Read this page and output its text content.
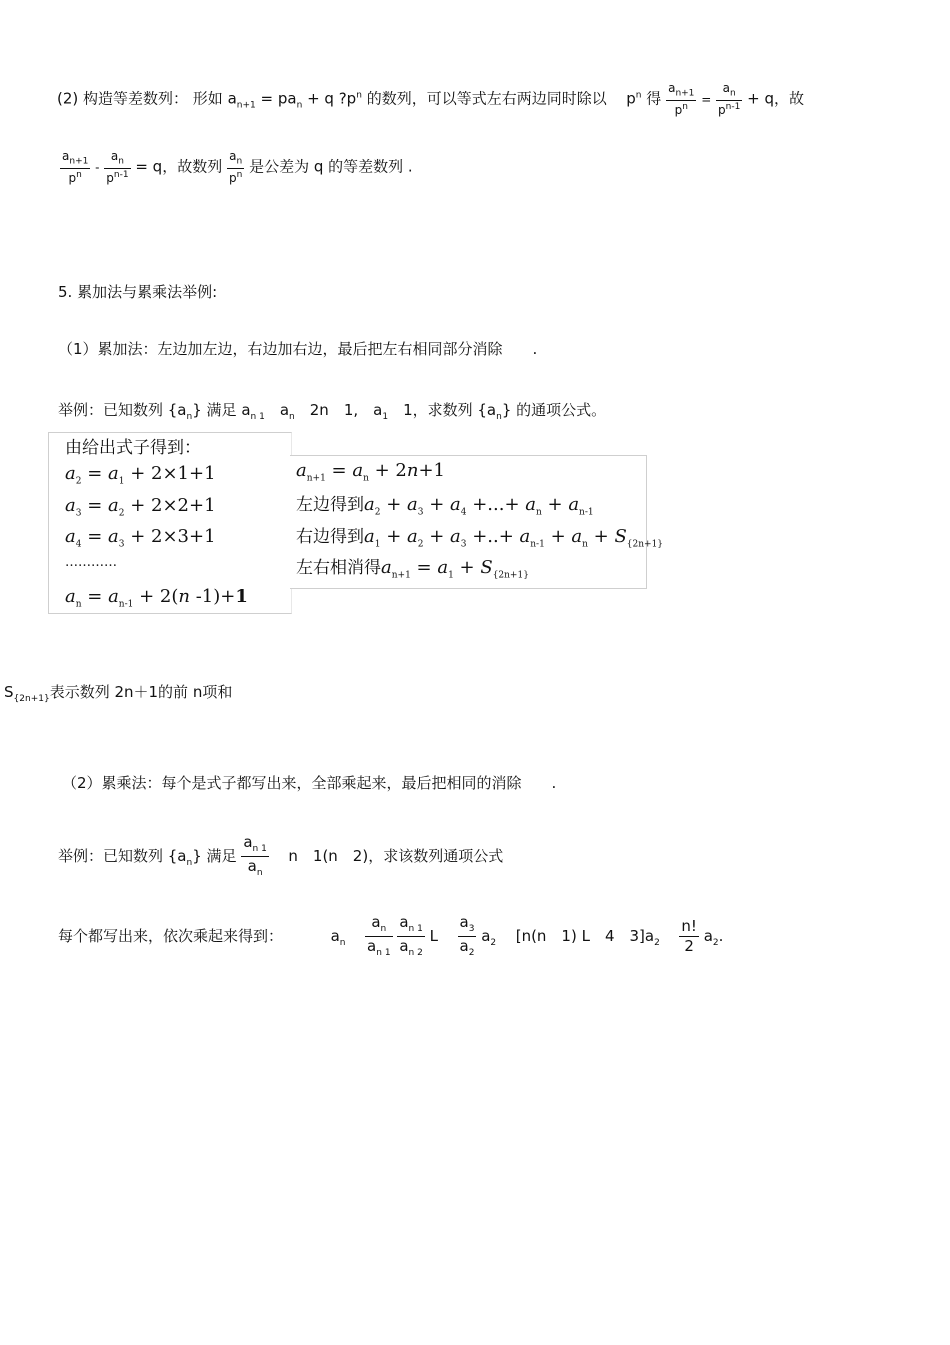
(2) 构造等差数列： 形如 $a_{n+1} = pa_n + q$ $?p^n$ 的数列，可以等式左右两边同时除以 $p^n$ 得 $\frac{a_{n+1}}{p^n} = \frac{a_n}{p^{n-1}} + q$，故
$\frac{a_{n+1}}{p^n} - \frac{a_n}{p^{n-1}} = q$，故数列 $\frac{a_n}{p^n}$ 是公差为 q 的等差数列 .
5. 累加法与累乘法举例:
（1）累加法：左边加左边，右边加右边，最后把左右相同部分消除　　.
举例：已知数列 $\{a_n\}$ 满足 $a_{n 1}$　 $a_n$　 2n　1,　$a_1$　 1，求数列 $\{a_n\}$ 的通项公式。
由给出式子得到：
$a_2 = a_1 + 2\times 1+1$
$a_3 = a_2 + 2\times 2+1$
$a_4 = a_3 + 2\times 3+1$
…………
$a_n = a_{n-1} + 2(n$ -1)+1
$a_{n+1} = a_n + 2n+1$
左边得到$a_2 + a_3 + a_4$ +...+ $a_n + a_{n-1}$
右边得到$a_1 + a_2 + a_3$ +..+ $a_{n-1} + a_n + S_{\{2n+1\}}$
左右相消得$a_{n+1} = a_1 + S_{\{2n+1\}}$
$S_{\{2n+1\}}$表示数列 2n＋1的前 n项和
（2）累乘法：每个是式子都写出来，全部乘起来，最后把相同的消除　　.
举例：已知数列 $\{a_n\}$ 满足 $\frac{a_{n 1}}{a_n}$ n　1(n　2)，求该数列通项公式
每个都写出来，依次乘起来得到：	$a_n \frac{a_n}{a_{n 1}}$
$\frac{a_{n 1}}{a_{n 2}}$ L $\frac{a_3}{a_2} a_2$ [n(n　1) L　4　$3]a_2 \frac{n!}{2} a_2$.
